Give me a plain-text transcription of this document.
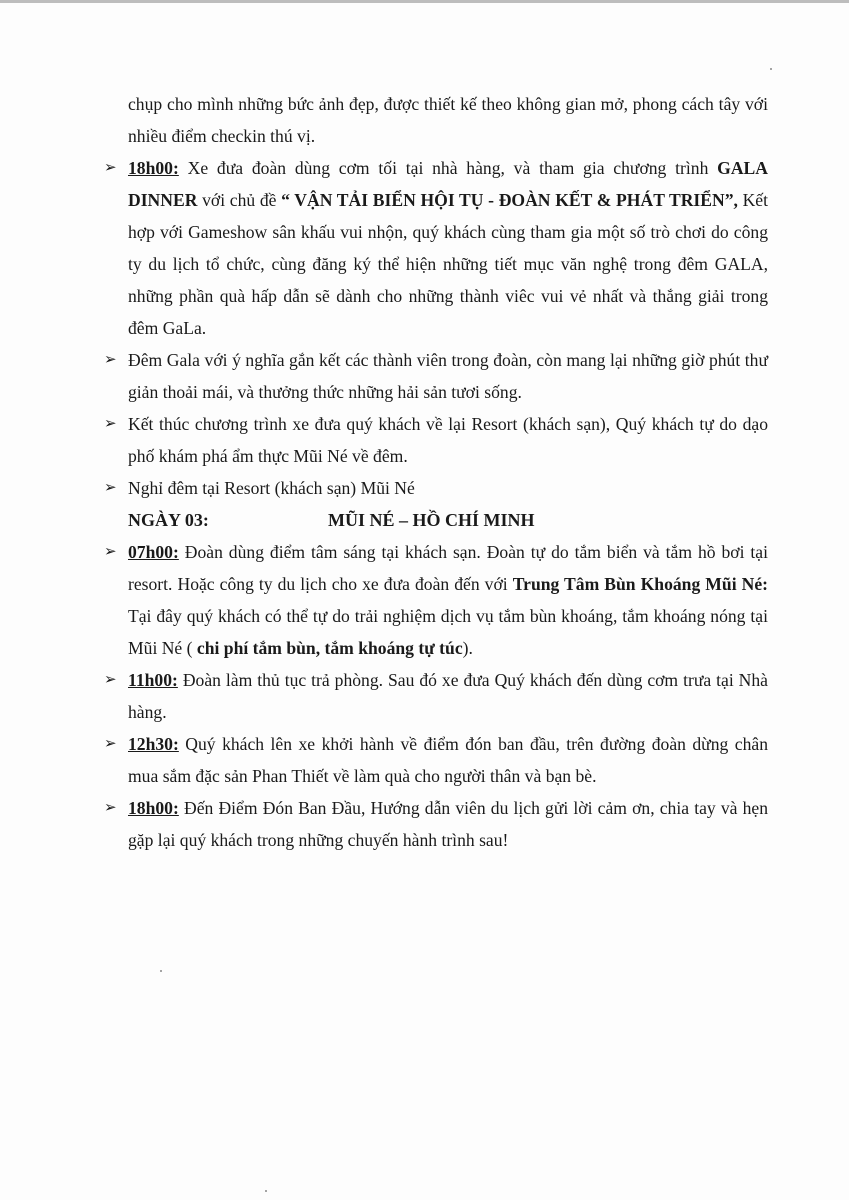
chụp cho mình những bức ảnh đẹp, được thiết kế theo không gian mở, phong cách tây với nhiều điểm checkin thú vị.
➢ 18h00: Xe đưa đoàn dùng cơm tối tại nhà hàng, và tham gia chương trình GALA DINNER với chủ đề “ VẬN TẢI BIỂN HỘI TỤ - ĐOÀN KẾT & PHÁT TRIỂN”, Kết hợp với Gameshow sân khấu vui nhộn, quý khách cùng tham gia một số trò chơi do công ty du lịch tổ chức, cùng đăng ký thể hiện những tiết mục văn nghệ trong đêm GALA, những phần quà hấp dẫn sẽ dành cho những thành viêc vui vẻ nhất và thắng giải trong đêm GaLa.
➢ Đêm Gala với ý nghĩa gắn kết các thành viên trong đoàn, còn mang lại những giờ phút thư giản thoải mái, và thưởng thức những hải sản tươi sống.
➢ Kết thúc chương trình xe đưa quý khách về lại Resort (khách sạn), Quý khách tự do dạo phố khám phá ẩm thực Mũi Né về đêm.
➢ Nghỉ đêm tại Resort (khách sạn) Mũi Né
NGÀY 03:	MŨI NÉ – HỒ CHÍ MINH
➢ 07h00: Đoàn dùng điểm tâm sáng tại khách sạn. Đoàn tự do tắm biển và tắm hồ bơi tại resort. Hoặc công ty du lịch cho xe đưa đoàn đến với Trung Tâm Bùn Khoáng Mũi Né: Tại đây quý khách có thể tự do trải nghiệm dịch vụ tắm bùn khoáng, tắm khoáng nóng tại Mũi Né ( chi phí tắm bùn, tắm khoáng tự túc).
➢ 11h00: Đoàn làm thủ tục trả phòng. Sau đó xe đưa Quý khách đến dùng cơm trưa tại Nhà hàng.
➢ 12h30: Quý khách lên xe khởi hành về điểm đón ban đầu, trên đường đoàn dừng chân mua sắm đặc sản Phan Thiết về làm quà cho người thân và bạn bè.
➢ 18h00: Đến Điểm Đón Ban Đầu, Hướng dẫn viên du lịch gửi lời cảm ơn, chia tay và hẹn gặp lại quý khách trong những chuyến hành trình sau!
